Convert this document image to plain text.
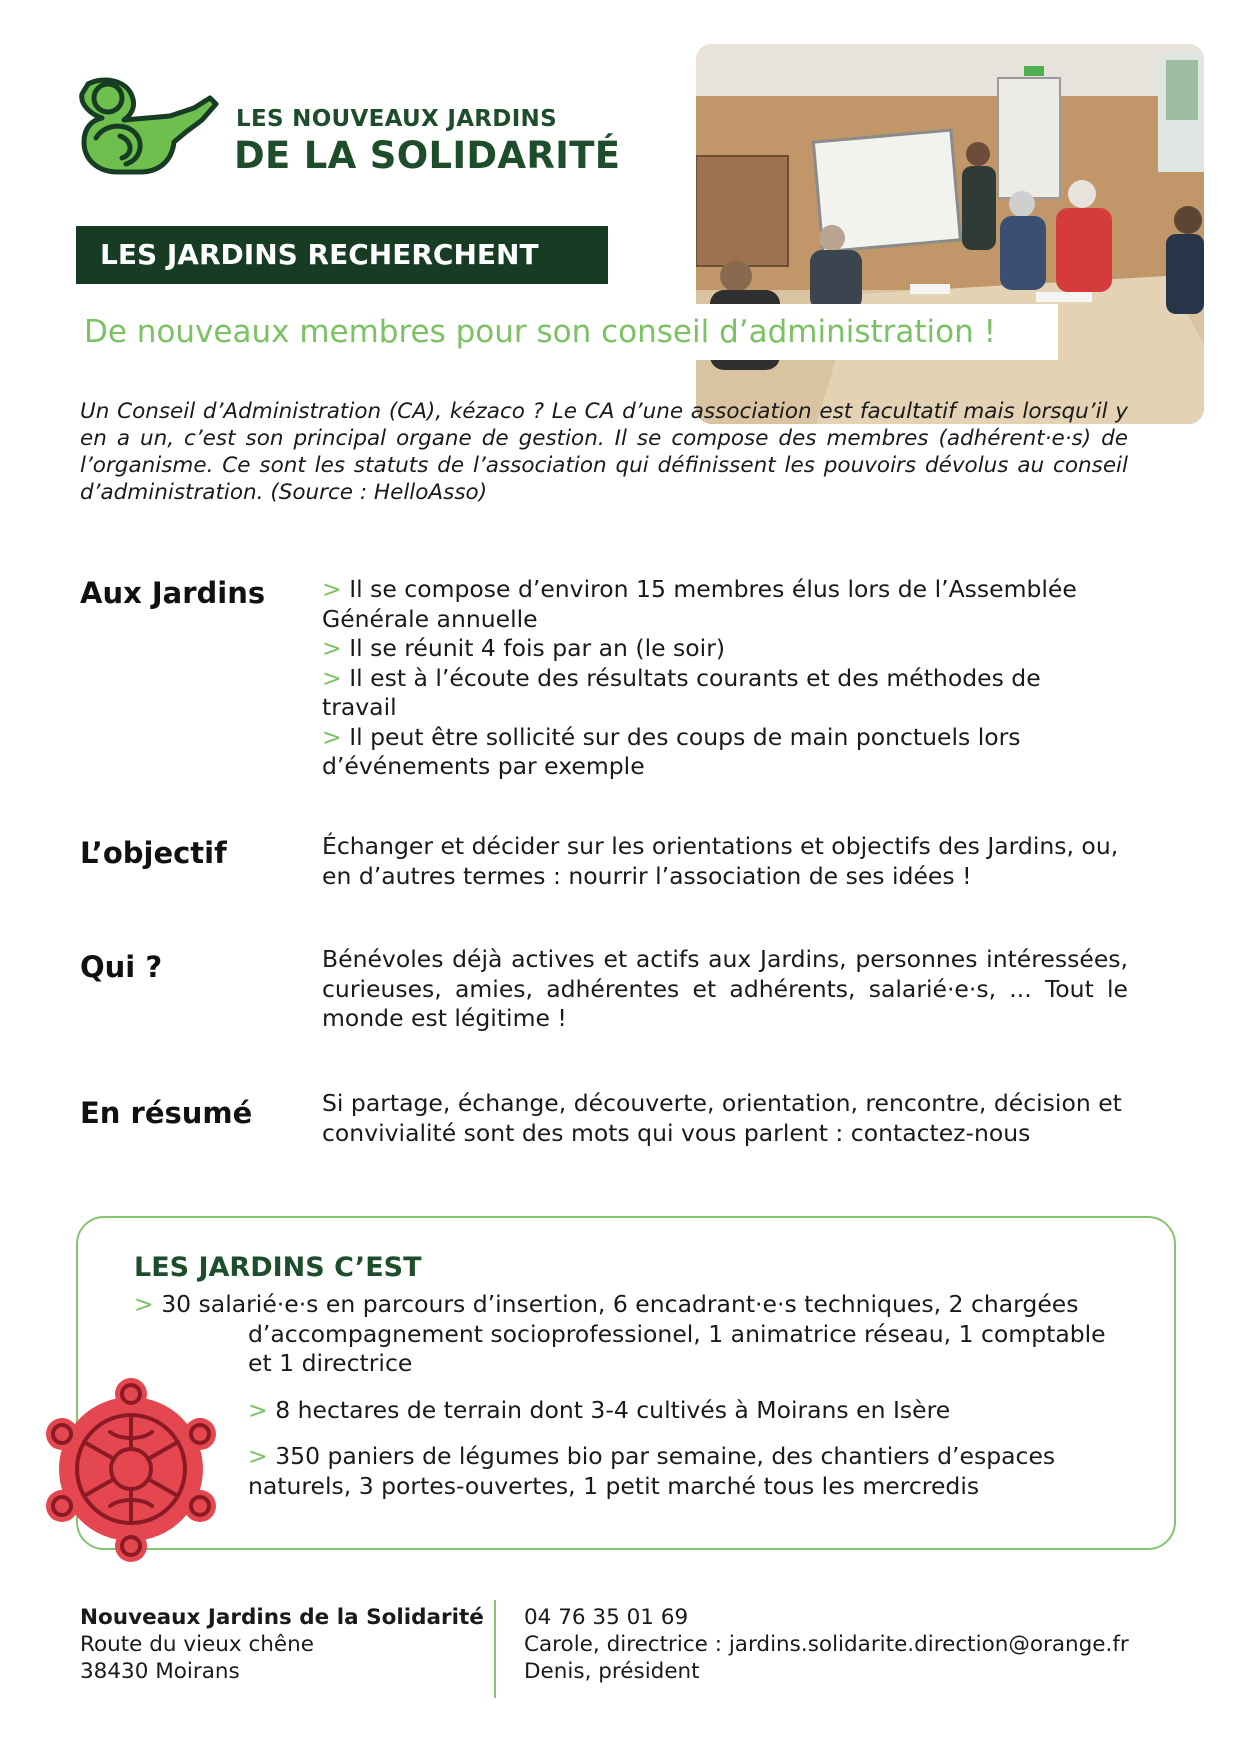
LES NOUVEAUX JARDINS
DE LA SOLIDARITÉ
LES JARDINS RECHERCHENT
De nouveaux membres pour son conseil d’administration !
Un Conseil d’Administration (CA), kézaco ? Le CA d’une association est facultatif mais lorsqu’il y en a un, c’est son principal organe de gestion. Il se compose des membres (adhérent·e·s) de l’organisme. Ce sont les statuts de l’association qui définissent les pouvoirs dévolus au conseil d’administration. (Source : HelloAsso)
Aux Jardins > Il se compose d’environ 15 membres élus lors de l’Assemblée Générale annuelle
> Il se réunit 4 fois par an (le soir)
> Il est à l’écoute des résultats courants et des méthodes de travail
> Il peut être sollicité sur des coups de main ponctuels lors d’événements par exemple
L’objectif	Échanger et décider sur les orientations et objectifs des Jardins, ou, en d’autres termes : nourrir l’association de ses idées !
Qui ?	Bénévoles déjà actives et actifs aux Jardins, personnes intéressées, curieuses, amies, adhérentes et adhérents, salarié·e·s, ... Tout le monde est légitime !
En résumé	Si partage, échange, découverte, orientation, rencontre, décision et convivialité sont des mots qui vous parlent : contactez-nous
LES JARDINS C’EST
> 30 salarié·e·s en parcours d’insertion, 6 encadrant·e·s techniques, 2 chargées d’accompagnement socioprofessionel, 1 animatrice réseau, 1 comptable et 1 directrice
> 8 hectares de terrain dont 3-4 cultivés à Moirans en Isère
> 350 paniers de légumes bio par semaine, des chantiers d’espaces naturels, 3 portes-ouvertes, 1 petit marché tous les mercredis
Nouveaux Jardins de la Solidarité
Route du vieux chêne
38430 Moirans
04 76 35 01 69
Carole, directrice : jardins.solidarite.direction@orange.fr
Denis, président
